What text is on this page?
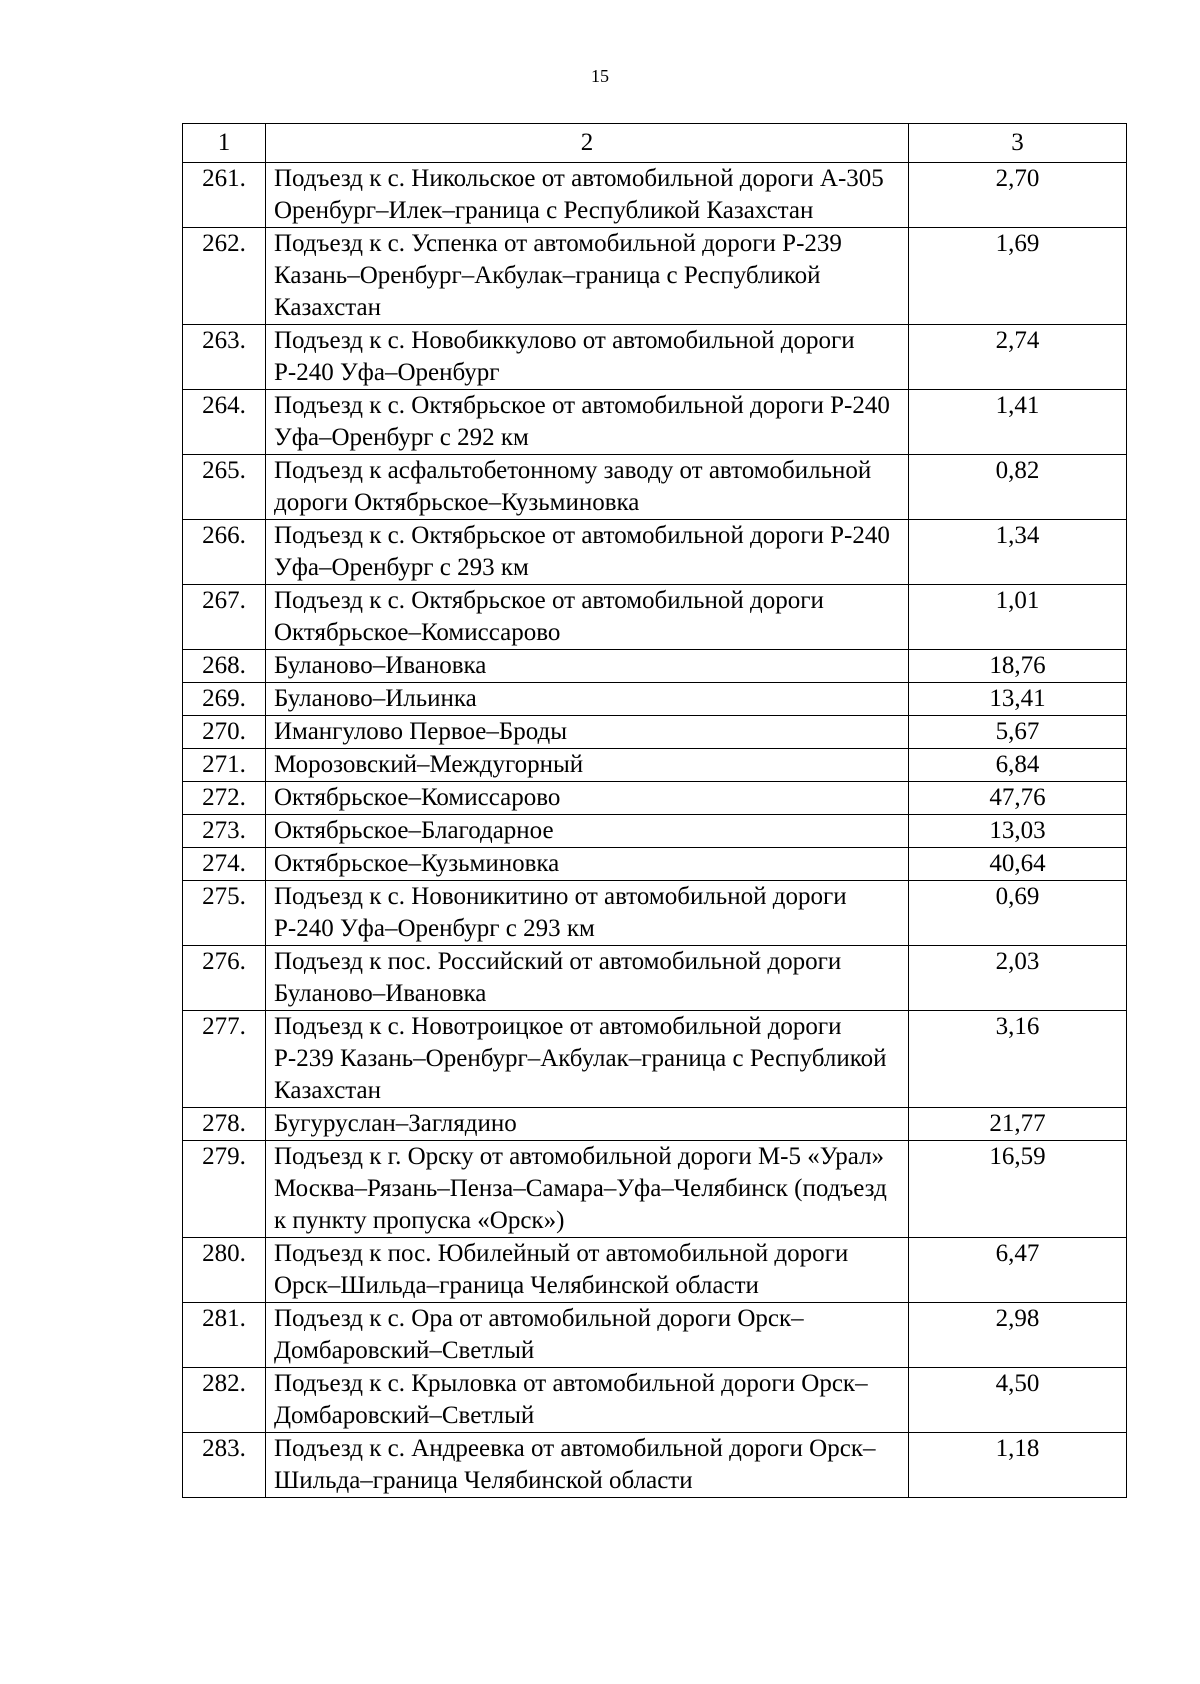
15
1	2	3
261.	Подъезд к с. Никольское от автомобильной дороги А-305 Оренбург–Илек–граница с Республикой Казахстан	2,70
262.	Подъезд к с. Успенка от автомобильной дороги Р-239 Казань–Оренбург–Акбулак–граница с Республикой Казахстан	1,69
263.	Подъезд к с. Новобиккулово от автомобильной дороги Р-240 Уфа–Оренбург	2,74
264.	Подъезд к с. Октябрьское от автомобильной дороги Р-240 Уфа–Оренбург с 292 км	1,41
265.	Подъезд к асфальтобетонному заводу от автомобильной дороги Октябрьское–Кузьминовка	0,82
266.	Подъезд к с. Октябрьское от автомобильной дороги Р-240 Уфа–Оренбург с 293 км	1,34
267.	Подъезд к с. Октябрьское от автомобильной дороги Октябрьское–Комиссарово	1,01
268.	Буланово–Ивановка	18,76
269.	Буланово–Ильинка	13,41
270.	Имангулово Первое–Броды	5,67
271.	Морозовский–Междугорный	6,84
272.	Октябрьское–Комиссарово	47,76
273.	Октябрьское–Благодарное	13,03
274.	Октябрьское–Кузьминовка	40,64
275.	Подъезд к с. Новоникитино от автомобильной дороги Р-240 Уфа–Оренбург с 293 км	0,69
276.	Подъезд к пос. Российский от автомобильной дороги Буланово–Ивановка	2,03
277.	Подъезд к с. Новотроицкое от автомобильной дороги Р-239 Казань–Оренбург–Акбулак–граница с Республикой Казахстан	3,16
278.	Бугуруслан–Заглядино	21,77
279.	Подъезд к г. Орску от автомобильной дороги М-5 «Урал» Москва–Рязань–Пенза–Самара–Уфа–Челябинск (подъезд к пункту пропуска «Орск»)	16,59
280.	Подъезд к пос. Юбилейный от автомобильной дороги Орск–Шильда–граница Челябинской области	6,47
281.	Подъезд к с. Ора от автомобильной дороги Орск–Домбаровский–Светлый	2,98
282.	Подъезд к с. Крыловка от автомобильной дороги Орск–Домбаровский–Светлый	4,50
283.	Подъезд к с. Андреевка от автомобильной дороги Орск–Шильда–граница Челябинской области	1,18
